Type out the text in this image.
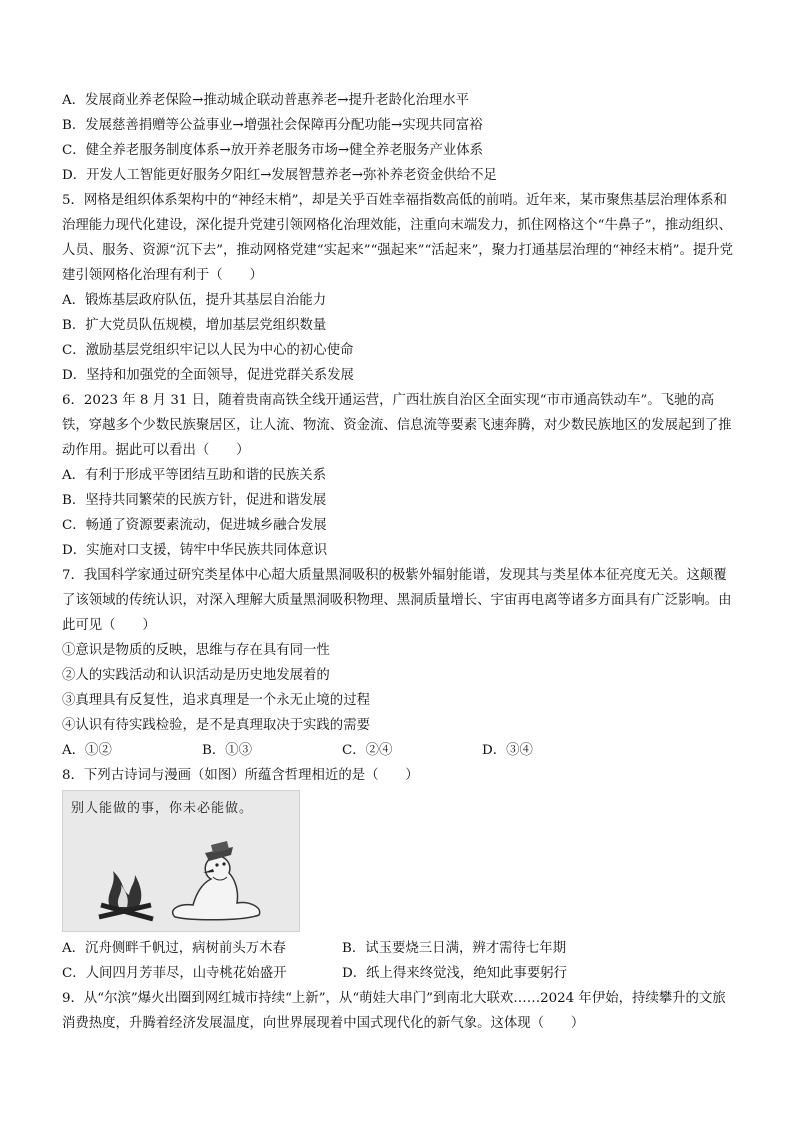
A．发展商业养老保险→推动城企联动普惠养老→提升老龄化治理水平
B．发展慈善捐赠等公益事业→增强社会保障再分配功能→实现共同富裕
C．健全养老服务制度体系→放开养老服务市场→健全养老服务产业体系
D．开发人工智能更好服务夕阳红→发展智慧养老→弥补养老资金供给不足
5．网格是组织体系架构中的“神经末梢”，却是关乎百姓幸福指数高低的前哨。近年来，某市聚焦基层治理体系和治理能力现代化建设，深化提升党建引领网格化治理效能，注重向末端发力，抓住网格这个“牛鼻子”，推动组织、人员、服务、资源“沉下去”，推动网格党建“实起来”“强起来”“活起来”，聚力打通基层治理的“神经末梢”。提升党建引领网格化治理有利于（　　）
A．锻炼基层政府队伍，提升其基层自治能力
B．扩大党员队伍规模，增加基层党组织数量
C．激励基层党组织牢记以人民为中心的初心使命
D．坚持和加强党的全面领导，促进党群关系发展
6．2023 年 8 月 31 日，随着贵南高铁全线开通运营，广西壮族自治区全面实现“市市通高铁动车”。飞驰的高铁，穿越多个少数民族聚居区，让人流、物流、资金流、信息流等要素飞速奔腾，对少数民族地区的发展起到了推动作用。据此可以看出（　　）
A．有利于形成平等团结互助和谐的民族关系
B．坚持共同繁荣的民族方针，促进和谐发展
C．畅通了资源要素流动，促进城乡融合发展
D．实施对口支援，铸牢中华民族共同体意识
7．我国科学家通过研究类星体中心超大质量黑洞吸积的极紫外辐射能谱，发现其与类星体本征亮度无关。这颠覆了该领域的传统认识，对深入理解大质量黑洞吸积物理、黑洞质量增长、宇宙再电离等诸多方面具有广泛影响。由此可见（　　）
①意识是物质的反映，思维与存在具有同一性
②人的实践活动和认识活动是历史地发展着的
③真理具有反复性，追求真理是一个永无止境的过程
④认识有待实践检验，是不是真理取决于实践的需要
A．①②	B．①③	C．②④	D．③④
8．下列古诗词与漫画（如图）所蕴含哲理相近的是（　　）
别人能做的事，你未必能做。
A．沉舟侧畔千帆过，病树前头万木春	B．试玉要烧三日满，辨才需待七年期
C．人间四月芳菲尽，山寺桃花始盛开	D．纸上得来终觉浅，绝知此事要躬行
9．从“尔滨”爆火出圈到网红城市持续“上新”，从“萌娃大串门”到南北大联欢……2024 年伊始，持续攀升的文旅消费热度，升腾着经济发展温度，向世界展现着中国式现代化的新气象。这体现（　　）
